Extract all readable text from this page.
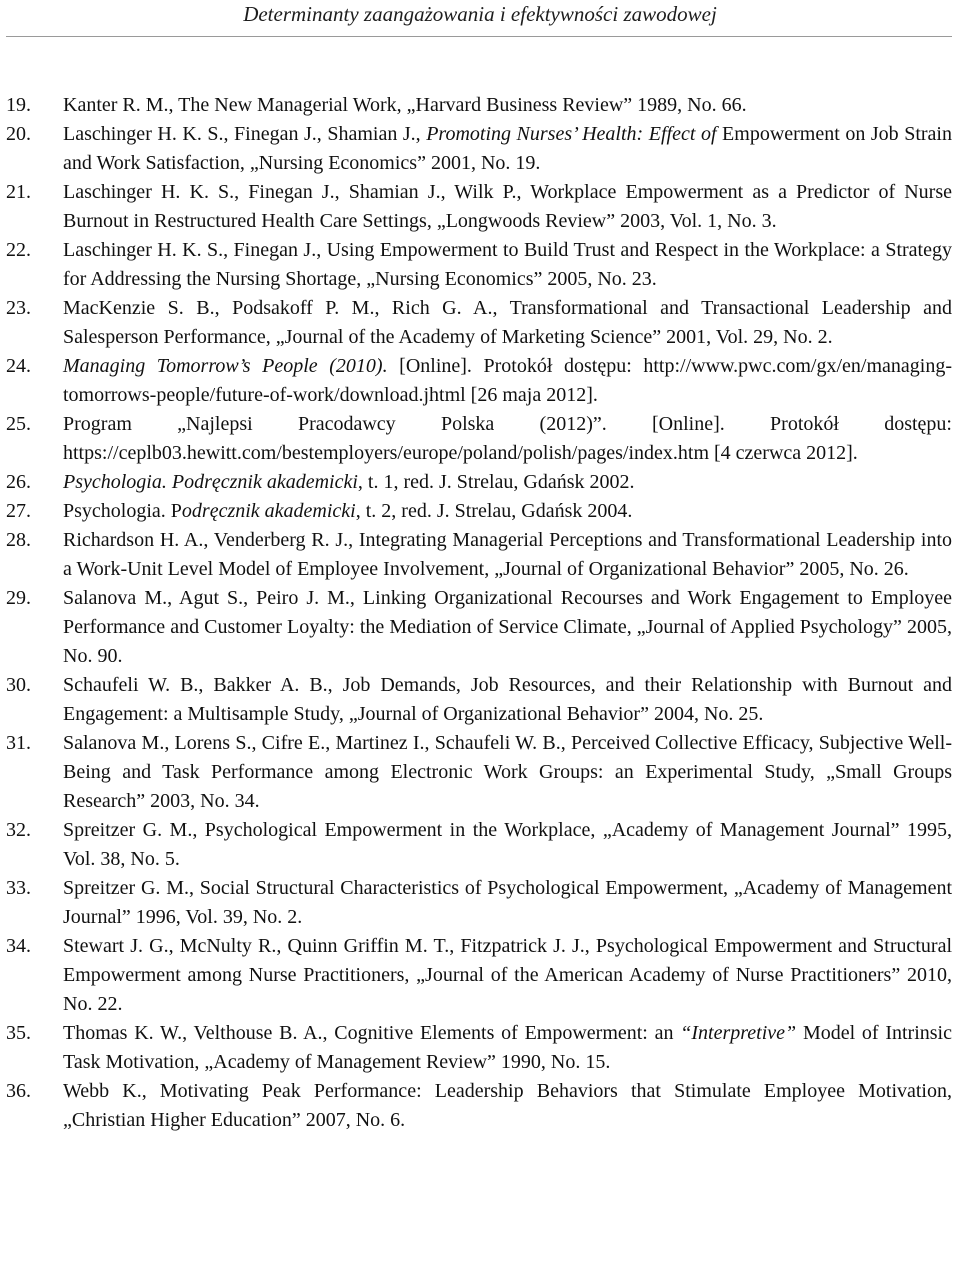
Determinanty zaangażowania i efektywności zawodowej
19.	Kanter R. M., The New Managerial Work, „Harvard Business Review” 1989, No. 66.
20.	Laschinger H. K. S., Finegan J., Shamian J., Promoting Nurses’ Health: Effect of Empowerment on Job Strain and Work Satisfaction, „Nursing Economics” 2001, No. 19.
21.	Laschinger H. K. S., Finegan J., Shamian J., Wilk P., Workplace Empowerment as a Predictor of Nurse Burnout in Restructured Health Care Settings, „Longwoods Review” 2003, Vol. 1, No. 3.
22.	Laschinger H. K. S., Finegan J., Using Empowerment to Build Trust and Respect in the Workplace: a Strategy for Addressing the Nursing Shortage, „Nursing Economics” 2005, No. 23.
23.	MacKenzie S. B., Podsakoff P. M., Rich G. A., Transformational and Transactional Leadership and Salesperson Performance, „Journal of the Academy of Marketing Science” 2001, Vol. 29, No. 2.
24.	Managing Tomorrow’s People (2010). [Online]. Protokół dostępu: http://www.pwc.com/gx/en/managing-tomorrows-people/future-of-work/download.jhtml [26 maja 2012].
25.	Program „Najlepsi Pracodawcy Polska (2012)”. [Online]. Protokół dostępu: https://ceplb03.hewitt.com/bestemployers/europe/poland/polish/pages/index.htm [4 czerwca 2012].
26.	Psychologia. Podręcznik akademicki, t. 1, red. J. Strelau, Gdańsk 2002.
27.	Psychologia. Podręcznik akademicki, t. 2, red. J. Strelau, Gdańsk 2004.
28.	Richardson H. A., Venderberg R. J., Integrating Managerial Perceptions and Transformational Leadership into a Work-Unit Level Model of Employee Involvement, „Journal of Organizational Behavior” 2005, No. 26.
29.	Salanova M., Agut S., Peiro J. M., Linking Organizational Recourses and Work Engagement to Employee Performance and Customer Loyalty: the Mediation of Service Climate, „Journal of Applied Psychology” 2005, No. 90.
30.	Schaufeli W. B., Bakker A. B., Job Demands, Job Resources, and their Relationship with Burnout and Engagement: a Multisample Study, „Journal of Organizational Behavior” 2004, No. 25.
31.	Salanova M., Lorens S., Cifre E., Martinez I., Schaufeli W. B., Perceived Collective Efficacy, Subjective Well-Being and Task Performance among Electronic Work Groups: an Experimental Study, „Small Groups Research” 2003, No. 34.
32.	Spreitzer G. M., Psychological Empowerment in the Workplace, „Academy of Management Journal” 1995, Vol. 38, No. 5.
33.	Spreitzer G. M., Social Structural Characteristics of Psychological Empowerment, „Academy of Management Journal” 1996, Vol. 39, No. 2.
34.	Stewart J. G., McNulty R., Quinn Griffin M. T., Fitzpatrick J. J., Psychological Empowerment and Structural Empowerment among Nurse Practitioners, „Journal of the American Academy of Nurse Practitioners” 2010, No. 22.
35.	Thomas K. W., Velthouse B. A., Cognitive Elements of Empowerment: an “Interpretive” Model of Intrinsic Task Motivation, „Academy of Management Review” 1990, No. 15.
36.	Webb K., Motivating Peak Performance: Leadership Behaviors that Stimulate Employee Motivation, „Christian Higher Education” 2007, No. 6.
